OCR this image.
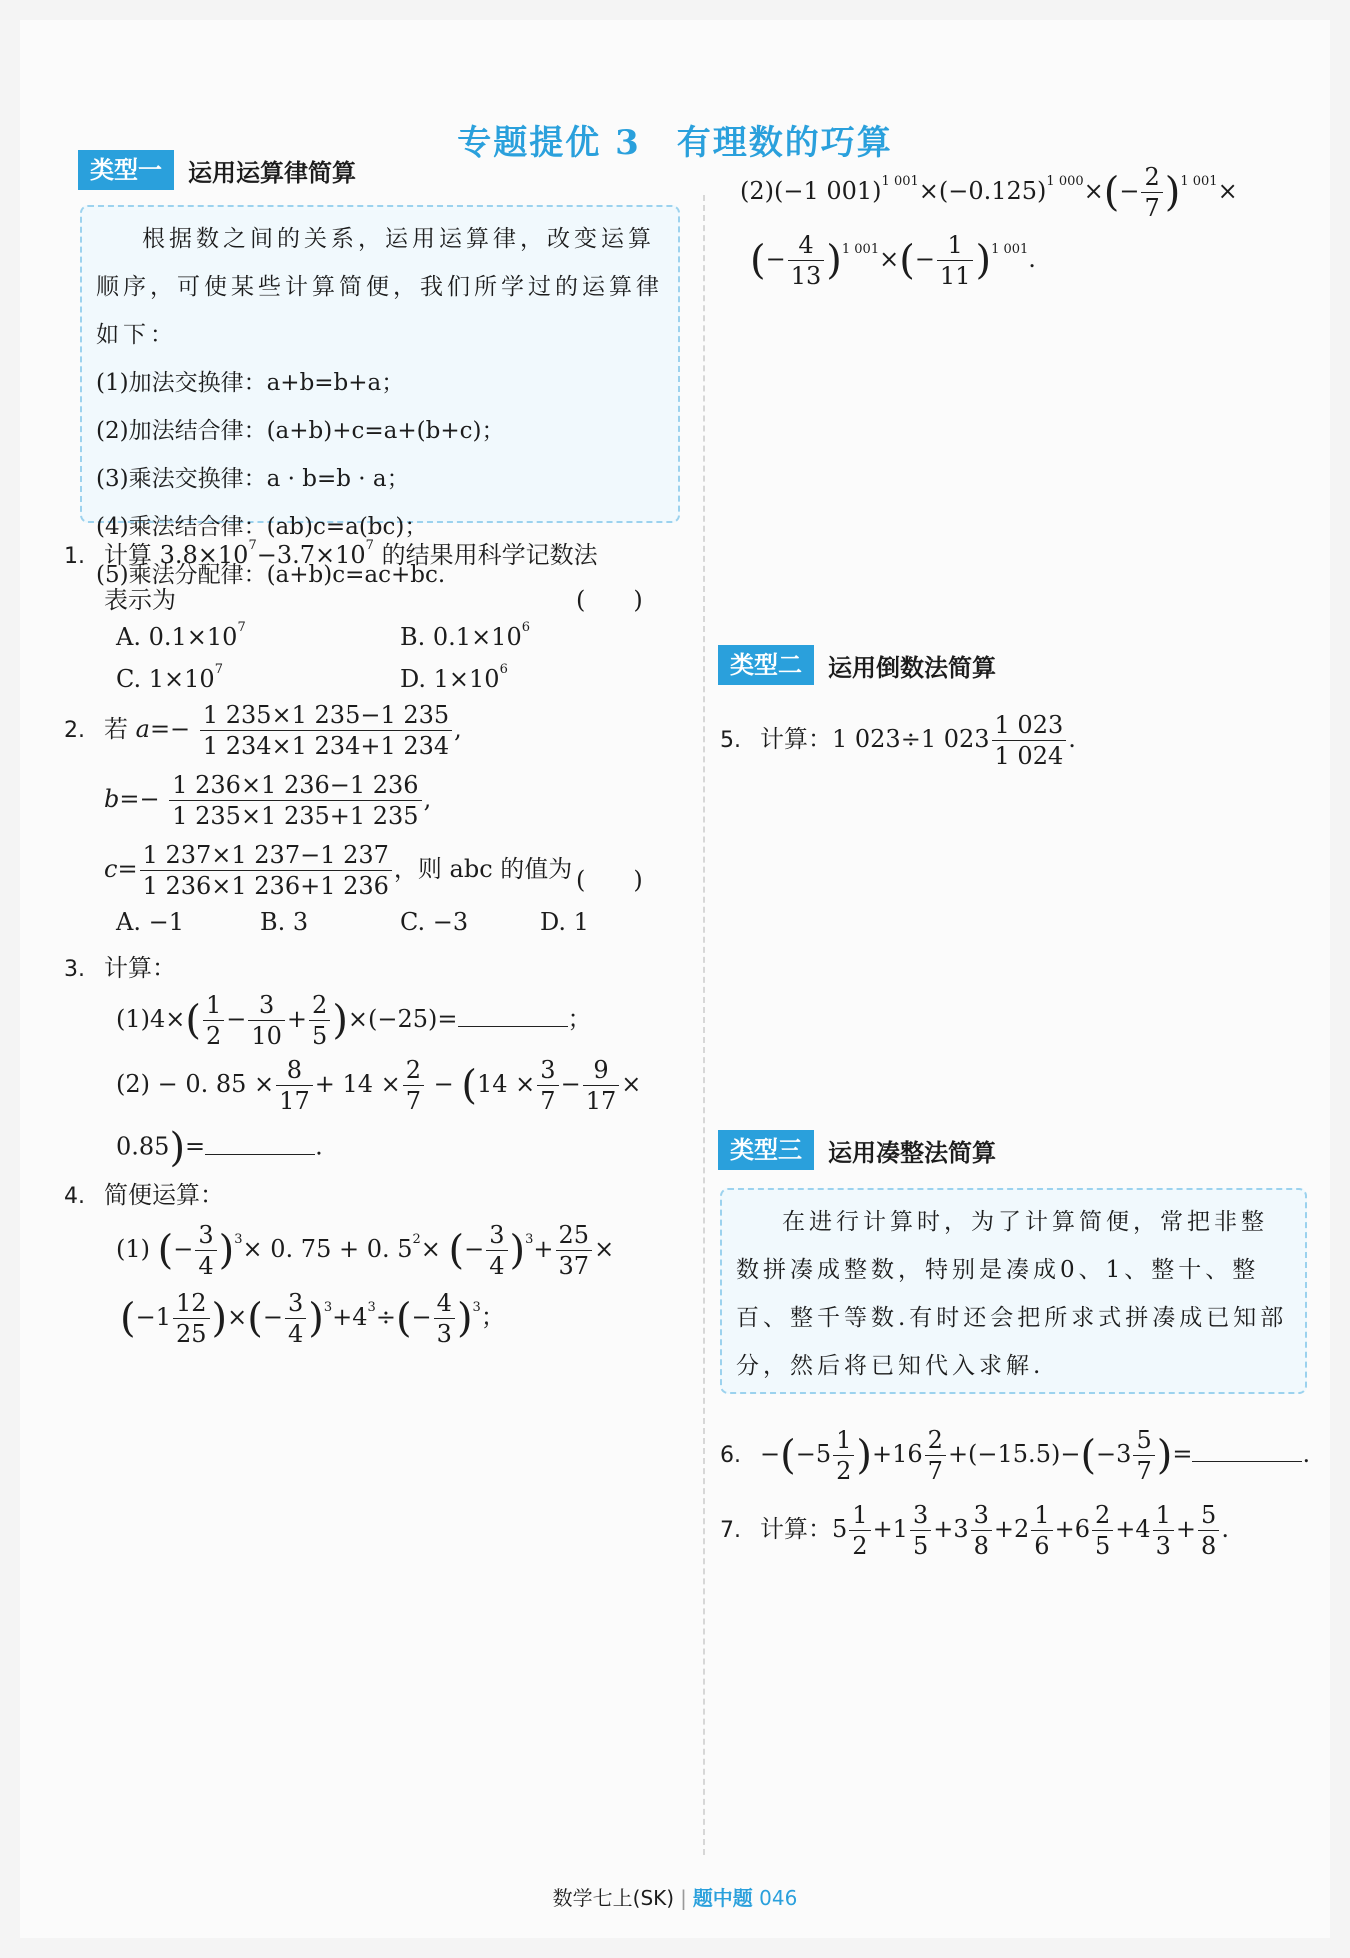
专题提优 3　有理数的巧算
类型一	运用运算律简算

根据数之间的关系，运用运算律，改变运算顺序，可使某些计算简便，我们所学过的运算律如下：

(1)加法交换律：a+b=b+a；

(2)加法结合律：(a+b)+c=a+(b+c)；

(3)乘法交换律：a · b=b · a；

(4)乘法结合律：(ab)c=a(bc)；

(5)乘法分配律：(a+b)c=ac+bc.

1. 计算 $3.8\times 10^7-3.7\times 10^7$ 的结果用科学记数法
表示为	(　　)
A. $0.1\times 10^7$	B. $0.1\times 10^6$
C. $1\times 10^7$	D. $1\times 10^6$
2. 若 $a=- \frac{1 235\times 1 235-1 235}{1 234\times 1 234+1 234}$ ,
$b=- \frac{1 236\times 1 236-1 236}{1 235\times 1 235+1 235}$ ,
$c= \frac{1 237\times 1 237-1 237}{1 236\times 1 236+1 236}$ ，则 abc 的值为 (　　)
A. −1	B. 3	C. −3	D. 1
3. 计算：
$(1)4\times( \frac{1}{2} - \frac{3}{10} + \frac{2}{5} )\times(-25)=$	；
(2) − 0. $85 \times \frac{8}{17} + 14 \times \frac{2}{7} - (14 \times \frac{3}{7} - \frac{9}{17}$ ×
0.85)=	.
4. 简便运算：
(1) (− $\frac{3}{4} )^3\times 0$. 75 + 0. $5^2\times$ (− $\frac{3}{4} )^3+ \frac{25}{37}$ ×
($-1 \frac{12}{25}$ )×(− $\frac{3}{4} )^3+4^3\div(- \frac{4}{3} )^3$；
(2)(−1 $001)^{1 001}\times(-0.125)^{1 000}\times(- \frac{2}{7} )^{1 001}\times$
(− $\frac{4}{13} )^{1 001}\times(- \frac{1}{11} )^{1 001}$.
类型二	运用倒数法简算
5. 计算：1 023÷1 $023 \frac{1 023}{1 024}$ .
类型三	运用凑整法简算

在进行计算时，为了计算简便，常把非整数拼凑成整数，特别是凑成0、1、整十、整百、整千等数.有时还会把所求式拼凑成已知部分，然后将已知代入求解.

6. $-(-5 \frac{1}{2} )+16 \frac{2}{7} +(-15.5)-(-3 \frac{5}{7}$ )=	.
7. 计算：$5 \frac{1}{2} +1 \frac{3}{5} +3 \frac{3}{8} +2 \frac{1}{6} +6 \frac{2}{5} +4 \frac{1}{3} + \frac{5}{8}$ .
数学七上(SK) | 题中题 046
